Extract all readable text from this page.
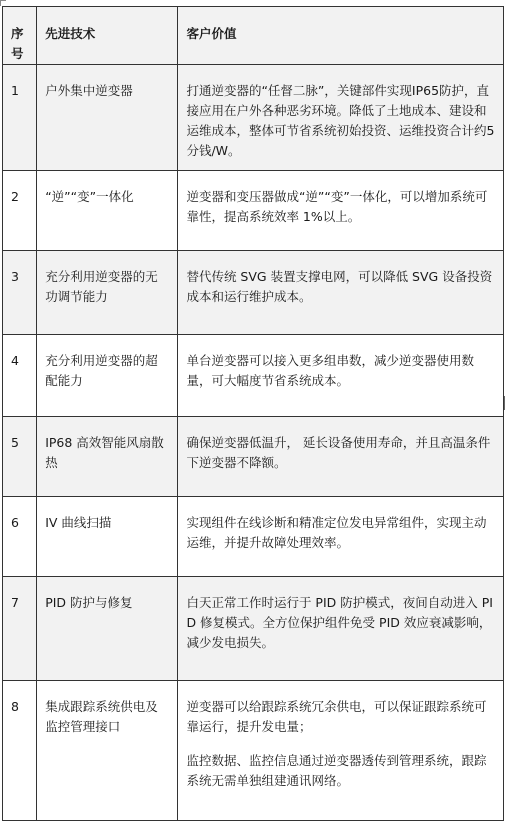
序号	先进技术	客户价值
1	户外集中逆变器	打通逆变器的“任督二脉”，关键部件实现IP65防护，直接应用在户外各种恶劣环境。降低了土地成本、建设和运维成本，整体可节省系统初始投资、运维投资合计约5分钱/W。
2	“逆”“变”一体化	逆变器和变压器做成“逆”“变”一体化，可以增加系统可靠性，提高系统效率 1%以上。
3	充分利用逆变器的无功调节能力	替代传统 SVG 装置支撑电网，可以降低 SVG 设备投资成本和运行维护成本。
4	充分利用逆变器的超配能力	单台逆变器可以接入更多组串数，减少逆变器使用数量，可大幅度节省系统成本。
5	IP68 高效智能风扇散热	确保逆变器低温升， 延长设备使用寿命，并且高温条件下逆变器不降额。
6	IV 曲线扫描	实现组件在线诊断和精准定位发电异常组件，实现主动运维，并提升故障处理效率。
7	PID 防护与修复	白天正常工作时运行于 PID 防护模式，夜间自动进入 PID 修复模式。全方位保护组件免受 PID 效应衰减影响，减少发电损失。
8	集成跟踪系统供电及监控管理接口	逆变器可以给跟踪系统冗余供电，可以保证跟踪系统可靠运行，提升发电量；
监控数据、监控信息通过逆变器透传到管理系统，跟踪系统无需单独组建通讯网络。
